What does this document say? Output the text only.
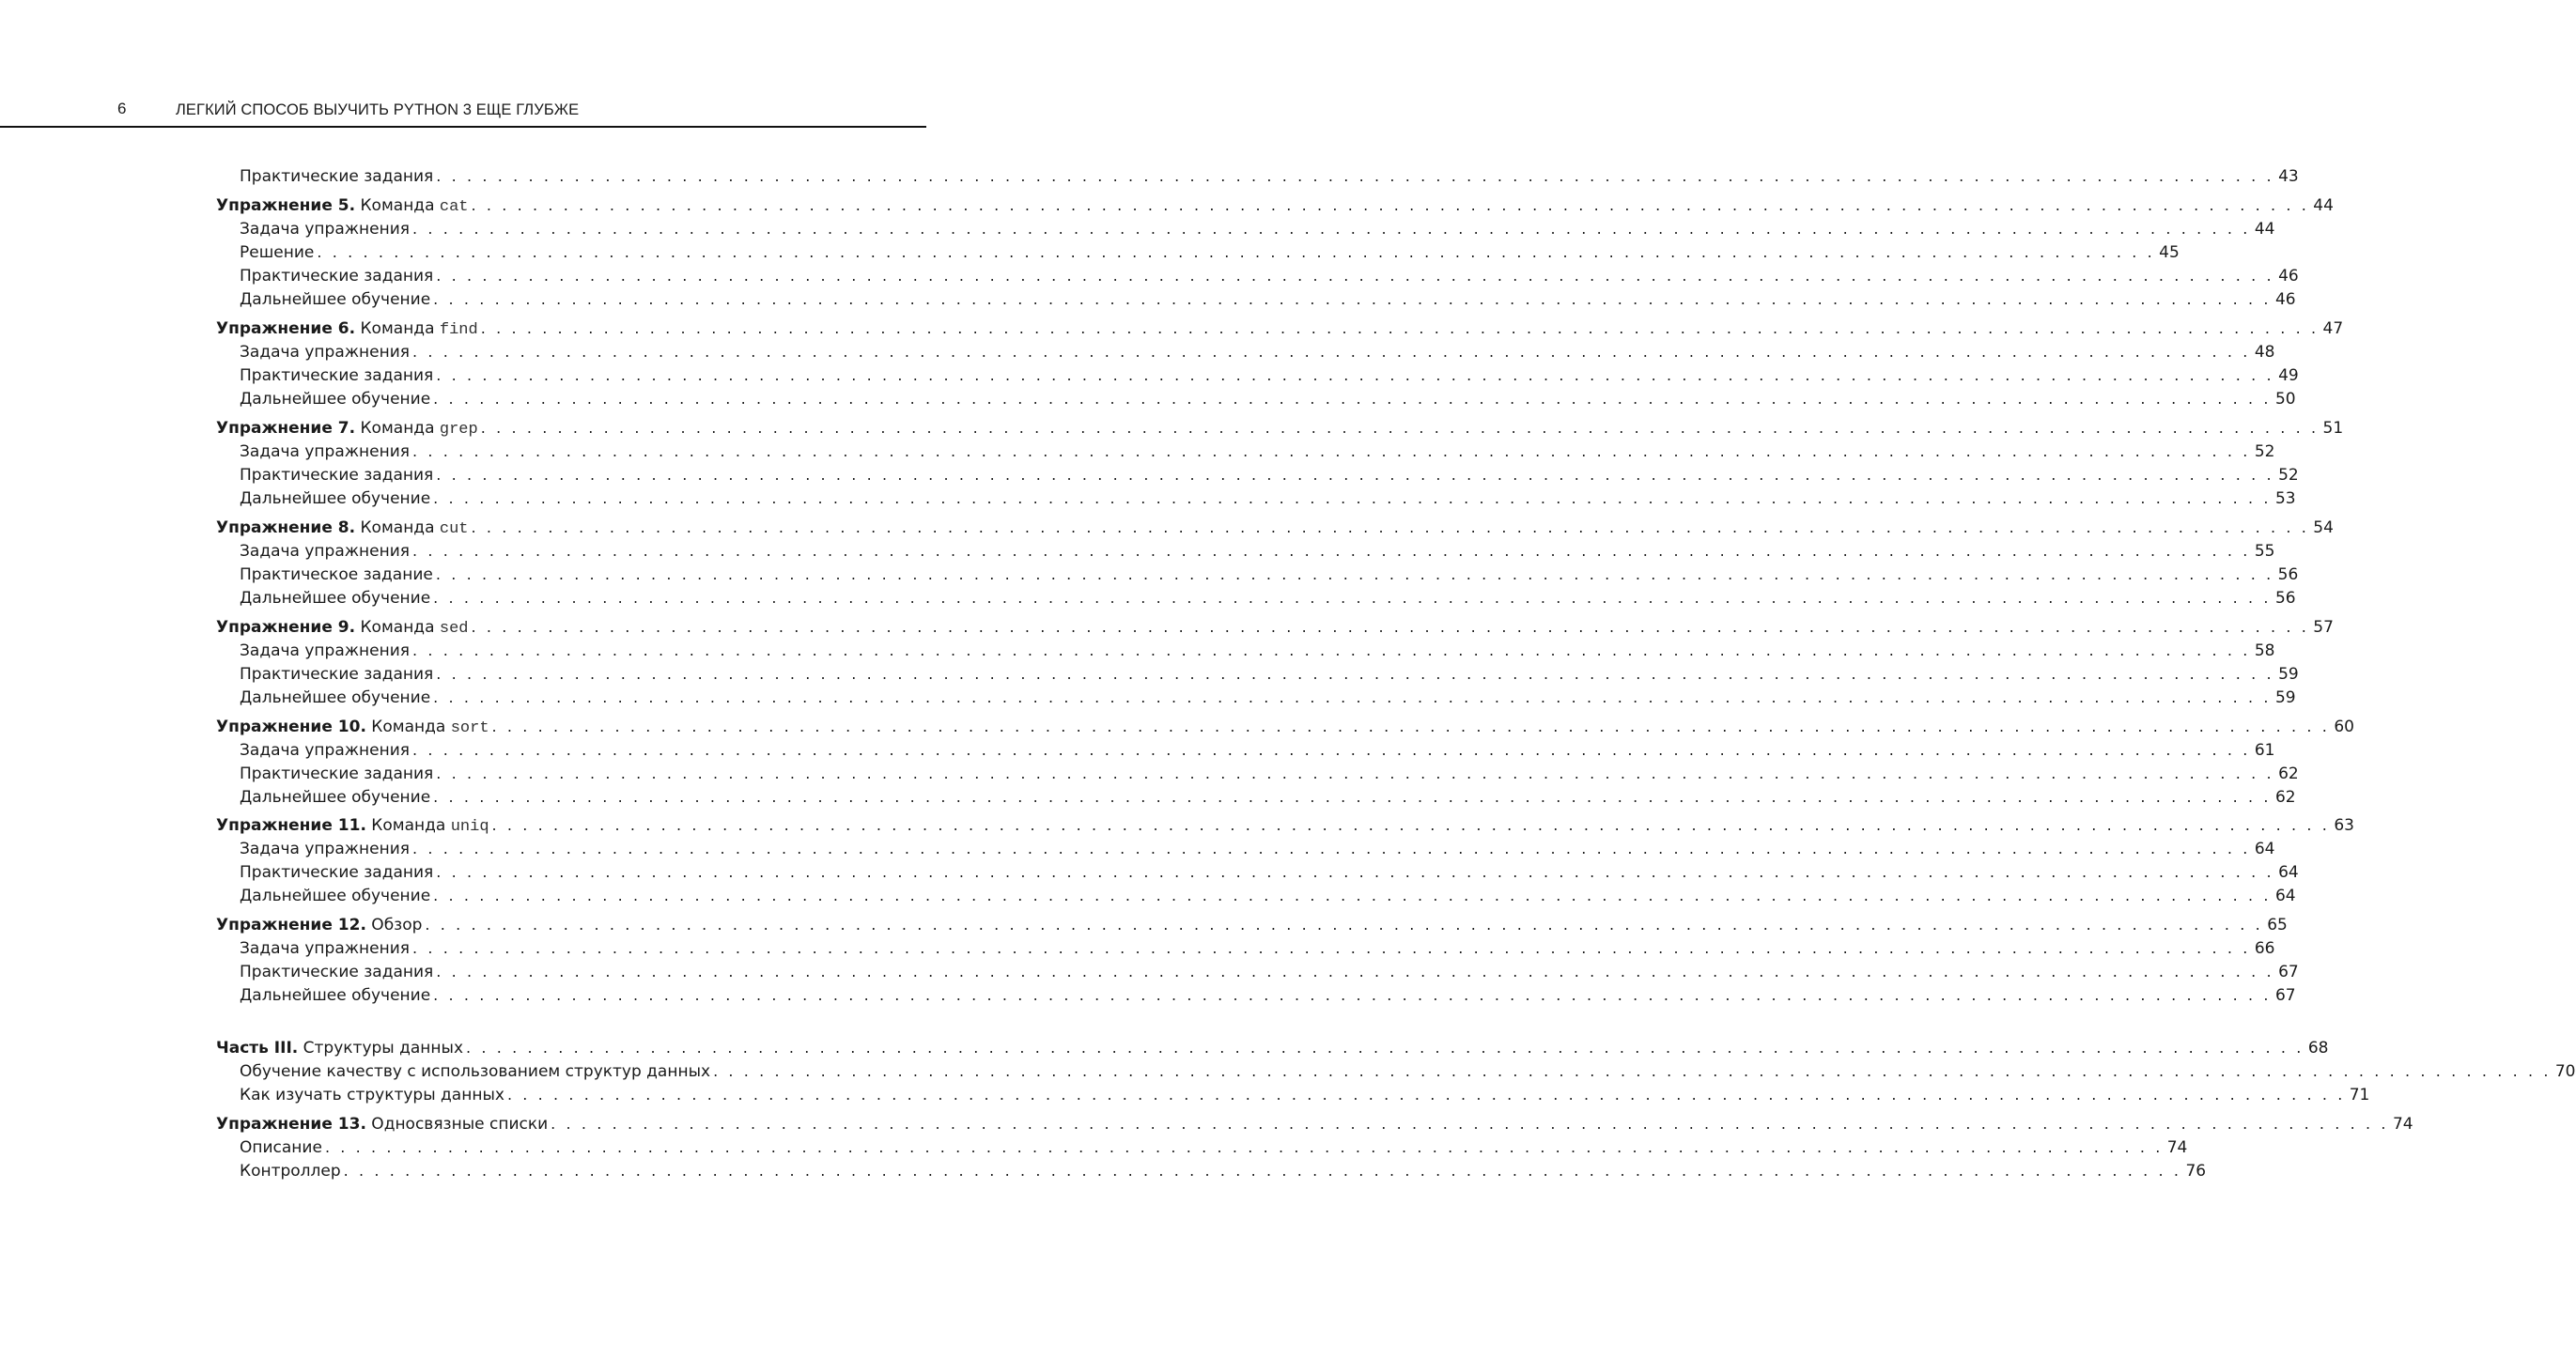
6	ЛЕГКИЙ СПОСОБ ВЫУЧИТЬ PYTHON 3 ЕЩЕ ГЛУБЖЕ
Практические задания . . . . . . . . . . . . . . . . . . . . . . . . . . . . . . . . . . . . . . . . . . . . . . . . . . . . . . . . . . . . . . . . . . . . . . . . . . . . . . . . . . . . . . . . . . . . . . . . . . . . . . . . . . . . . . . . . . . . . . . . 43
Упражнение 5. Команда cat . . . . . . . . . . . . . . . . . . . . . . . . . . . . . . . . . . . . . . . . . . . . . . . . . . . . . . . . . . . . . . . . . . . . . . . . . . . . . . . . . . . . . . . . . . . . . . . . . . . . . . . . . . . . . . . . . . . . . . . . 44
Задача упражнения . . . . . . . . . . . . . . . . . . . . . . . . . . . . . . . . . . . . . . . . . . . . . . . . . . . . . . . . . . . . . . . . . . . . . . . . . . . . . . . . . . . . . . . . . . . . . . . . . . . . . . . . . . . . . . . . . . . . . . . . 44
Решение . . . . . . . . . . . . . . . . . . . . . . . . . . . . . . . . . . . . . . . . . . . . . . . . . . . . . . . . . . . . . . . . . . . . . . . . . . . . . . . . . . . . . . . . . . . . . . . . . . . . . . . . . . . . . . . . . . . . . . . . 45
Практические задания . . . . . . . . . . . . . . . . . . . . . . . . . . . . . . . . . . . . . . . . . . . . . . . . . . . . . . . . . . . . . . . . . . . . . . . . . . . . . . . . . . . . . . . . . . . . . . . . . . . . . . . . . . . . . . . . . . . . . . . . 46
Дальнейшее обучение . . . . . . . . . . . . . . . . . . . . . . . . . . . . . . . . . . . . . . . . . . . . . . . . . . . . . . . . . . . . . . . . . . . . . . . . . . . . . . . . . . . . . . . . . . . . . . . . . . . . . . . . . . . . . . . . . . . . . . . . 46
Упражнение 6. Команда find . . . . . . . . . . . . . . . . . . . . . . . . . . . . . . . . . . . . . . . . . . . . . . . . . . . . . . . . . . . . . . . . . . . . . . . . . . . . . . . . . . . . . . . . . . . . . . . . . . . . . . . . . . . . . . . . . . . . . . . . 47
Задача упражнения . . . . . . . . . . . . . . . . . . . . . . . . . . . . . . . . . . . . . . . . . . . . . . . . . . . . . . . . . . . . . . . . . . . . . . . . . . . . . . . . . . . . . . . . . . . . . . . . . . . . . . . . . . . . . . . . . . . . . . . . 48
Практические задания . . . . . . . . . . . . . . . . . . . . . . . . . . . . . . . . . . . . . . . . . . . . . . . . . . . . . . . . . . . . . . . . . . . . . . . . . . . . . . . . . . . . . . . . . . . . . . . . . . . . . . . . . . . . . . . . . . . . . . . . 49
Дальнейшее обучение . . . . . . . . . . . . . . . . . . . . . . . . . . . . . . . . . . . . . . . . . . . . . . . . . . . . . . . . . . . . . . . . . . . . . . . . . . . . . . . . . . . . . . . . . . . . . . . . . . . . . . . . . . . . . . . . . . . . . . . . 50
Упражнение 7. Команда grep . . . . . . . . . . . . . . . . . . . . . . . . . . . . . . . . . . . . . . . . . . . . . . . . . . . . . . . . . . . . . . . . . . . . . . . . . . . . . . . . . . . . . . . . . . . . . . . . . . . . . . . . . . . . . . . . . . . . . . . . 51
Задача упражнения . . . . . . . . . . . . . . . . . . . . . . . . . . . . . . . . . . . . . . . . . . . . . . . . . . . . . . . . . . . . . . . . . . . . . . . . . . . . . . . . . . . . . . . . . . . . . . . . . . . . . . . . . . . . . . . . . . . . . . . . 52
Практические задания . . . . . . . . . . . . . . . . . . . . . . . . . . . . . . . . . . . . . . . . . . . . . . . . . . . . . . . . . . . . . . . . . . . . . . . . . . . . . . . . . . . . . . . . . . . . . . . . . . . . . . . . . . . . . . . . . . . . . . . . 52
Дальнейшее обучение . . . . . . . . . . . . . . . . . . . . . . . . . . . . . . . . . . . . . . . . . . . . . . . . . . . . . . . . . . . . . . . . . . . . . . . . . . . . . . . . . . . . . . . . . . . . . . . . . . . . . . . . . . . . . . . . . . . . . . . . 53
Упражнение 8. Команда cut . . . . . . . . . . . . . . . . . . . . . . . . . . . . . . . . . . . . . . . . . . . . . . . . . . . . . . . . . . . . . . . . . . . . . . . . . . . . . . . . . . . . . . . . . . . . . . . . . . . . . . . . . . . . . . . . . . . . . . . . 54
Задача упражнения . . . . . . . . . . . . . . . . . . . . . . . . . . . . . . . . . . . . . . . . . . . . . . . . . . . . . . . . . . . . . . . . . . . . . . . . . . . . . . . . . . . . . . . . . . . . . . . . . . . . . . . . . . . . . . . . . . . . . . . . 55
Практическое задание . . . . . . . . . . . . . . . . . . . . . . . . . . . . . . . . . . . . . . . . . . . . . . . . . . . . . . . . . . . . . . . . . . . . . . . . . . . . . . . . . . . . . . . . . . . . . . . . . . . . . . . . . . . . . . . . . . . . . . . . 56
Дальнейшее обучение . . . . . . . . . . . . . . . . . . . . . . . . . . . . . . . . . . . . . . . . . . . . . . . . . . . . . . . . . . . . . . . . . . . . . . . . . . . . . . . . . . . . . . . . . . . . . . . . . . . . . . . . . . . . . . . . . . . . . . . . 56
Упражнение 9. Команда sed . . . . . . . . . . . . . . . . . . . . . . . . . . . . . . . . . . . . . . . . . . . . . . . . . . . . . . . . . . . . . . . . . . . . . . . . . . . . . . . . . . . . . . . . . . . . . . . . . . . . . . . . . . . . . . . . . . . . . . . . 57
Задача упражнения . . . . . . . . . . . . . . . . . . . . . . . . . . . . . . . . . . . . . . . . . . . . . . . . . . . . . . . . . . . . . . . . . . . . . . . . . . . . . . . . . . . . . . . . . . . . . . . . . . . . . . . . . . . . . . . . . . . . . . . . 58
Практические задания . . . . . . . . . . . . . . . . . . . . . . . . . . . . . . . . . . . . . . . . . . . . . . . . . . . . . . . . . . . . . . . . . . . . . . . . . . . . . . . . . . . . . . . . . . . . . . . . . . . . . . . . . . . . . . . . . . . . . . . . 59
Дальнейшее обучение . . . . . . . . . . . . . . . . . . . . . . . . . . . . . . . . . . . . . . . . . . . . . . . . . . . . . . . . . . . . . . . . . . . . . . . . . . . . . . . . . . . . . . . . . . . . . . . . . . . . . . . . . . . . . . . . . . . . . . . . 59
Упражнение 10. Команда sort . . . . . . . . . . . . . . . . . . . . . . . . . . . . . . . . . . . . . . . . . . . . . . . . . . . . . . . . . . . . . . . . . . . . . . . . . . . . . . . . . . . . . . . . . . . . . . . . . . . . . . . . . . . . . . . . . . . . . . . . 60
Задача упражнения . . . . . . . . . . . . . . . . . . . . . . . . . . . . . . . . . . . . . . . . . . . . . . . . . . . . . . . . . . . . . . . . . . . . . . . . . . . . . . . . . . . . . . . . . . . . . . . . . . . . . . . . . . . . . . . . . . . . . . . . 61
Практические задания . . . . . . . . . . . . . . . . . . . . . . . . . . . . . . . . . . . . . . . . . . . . . . . . . . . . . . . . . . . . . . . . . . . . . . . . . . . . . . . . . . . . . . . . . . . . . . . . . . . . . . . . . . . . . . . . . . . . . . . . 62
Дальнейшее обучение . . . . . . . . . . . . . . . . . . . . . . . . . . . . . . . . . . . . . . . . . . . . . . . . . . . . . . . . . . . . . . . . . . . . . . . . . . . . . . . . . . . . . . . . . . . . . . . . . . . . . . . . . . . . . . . . . . . . . . . . 62
Упражнение 11. Команда uniq . . . . . . . . . . . . . . . . . . . . . . . . . . . . . . . . . . . . . . . . . . . . . . . . . . . . . . . . . . . . . . . . . . . . . . . . . . . . . . . . . . . . . . . . . . . . . . . . . . . . . . . . . . . . . . . . . . . . . . . . 63
Задача упражнения . . . . . . . . . . . . . . . . . . . . . . . . . . . . . . . . . . . . . . . . . . . . . . . . . . . . . . . . . . . . . . . . . . . . . . . . . . . . . . . . . . . . . . . . . . . . . . . . . . . . . . . . . . . . . . . . . . . . . . . . 64
Практические задания . . . . . . . . . . . . . . . . . . . . . . . . . . . . . . . . . . . . . . . . . . . . . . . . . . . . . . . . . . . . . . . . . . . . . . . . . . . . . . . . . . . . . . . . . . . . . . . . . . . . . . . . . . . . . . . . . . . . . . . . 64
Дальнейшее обучение . . . . . . . . . . . . . . . . . . . . . . . . . . . . . . . . . . . . . . . . . . . . . . . . . . . . . . . . . . . . . . . . . . . . . . . . . . . . . . . . . . . . . . . . . . . . . . . . . . . . . . . . . . . . . . . . . . . . . . . . 64
Упражнение 12. Обзор . . . . . . . . . . . . . . . . . . . . . . . . . . . . . . . . . . . . . . . . . . . . . . . . . . . . . . . . . . . . . . . . . . . . . . . . . . . . . . . . . . . . . . . . . . . . . . . . . . . . . . . . . . . . . . . . . . . . . . . . 65
Задача упражнения . . . . . . . . . . . . . . . . . . . . . . . . . . . . . . . . . . . . . . . . . . . . . . . . . . . . . . . . . . . . . . . . . . . . . . . . . . . . . . . . . . . . . . . . . . . . . . . . . . . . . . . . . . . . . . . . . . . . . . . . 66
Практические задания . . . . . . . . . . . . . . . . . . . . . . . . . . . . . . . . . . . . . . . . . . . . . . . . . . . . . . . . . . . . . . . . . . . . . . . . . . . . . . . . . . . . . . . . . . . . . . . . . . . . . . . . . . . . . . . . . . . . . . . . 67
Дальнейшее обучение . . . . . . . . . . . . . . . . . . . . . . . . . . . . . . . . . . . . . . . . . . . . . . . . . . . . . . . . . . . . . . . . . . . . . . . . . . . . . . . . . . . . . . . . . . . . . . . . . . . . . . . . . . . . . . . . . . . . . . . . 67
Часть III. Структуры данных . . . . . . . . . . . . . . . . . . . . . . . . . . . . . . . . . . . . . . . . . . . . . . . . . . . . . . . . . . . . . . . . . . . . . . . . . . . . . . . . . . . . . . . . . . . . . . . . . . . . . . . . . . . . . . . . . . . . . . . . 68
Обучение качеству с использованием структур данных . . . . . . . . . . . . . . . . . . . . . . . . . . . . . . . . . . . . . . . . . . . . . . . . . . . . . . . . . . . . . . . . . . . . . . . . . . . . . . . . . . . . . . . . . . . . . . . . . . . . . . . . . . . . . . . . . . . . . . . . 70
Как изучать структуры данных . . . . . . . . . . . . . . . . . . . . . . . . . . . . . . . . . . . . . . . . . . . . . . . . . . . . . . . . . . . . . . . . . . . . . . . . . . . . . . . . . . . . . . . . . . . . . . . . . . . . . . . . . . . . . . . . . . . . . . . . 71
Упражнение 13. Односвязные списки . . . . . . . . . . . . . . . . . . . . . . . . . . . . . . . . . . . . . . . . . . . . . . . . . . . . . . . . . . . . . . . . . . . . . . . . . . . . . . . . . . . . . . . . . . . . . . . . . . . . . . . . . . . . . . . . . . . . . . . . 74
Описание . . . . . . . . . . . . . . . . . . . . . . . . . . . . . . . . . . . . . . . . . . . . . . . . . . . . . . . . . . . . . . . . . . . . . . . . . . . . . . . . . . . . . . . . . . . . . . . . . . . . . . . . . . . . . . . . . . . . . . . . 74
Контроллер . . . . . . . . . . . . . . . . . . . . . . . . . . . . . . . . . . . . . . . . . . . . . . . . . . . . . . . . . . . . . . . . . . . . . . . . . . . . . . . . . . . . . . . . . . . . . . . . . . . . . . . . . . . . . . . . . . . . . . . . 76
